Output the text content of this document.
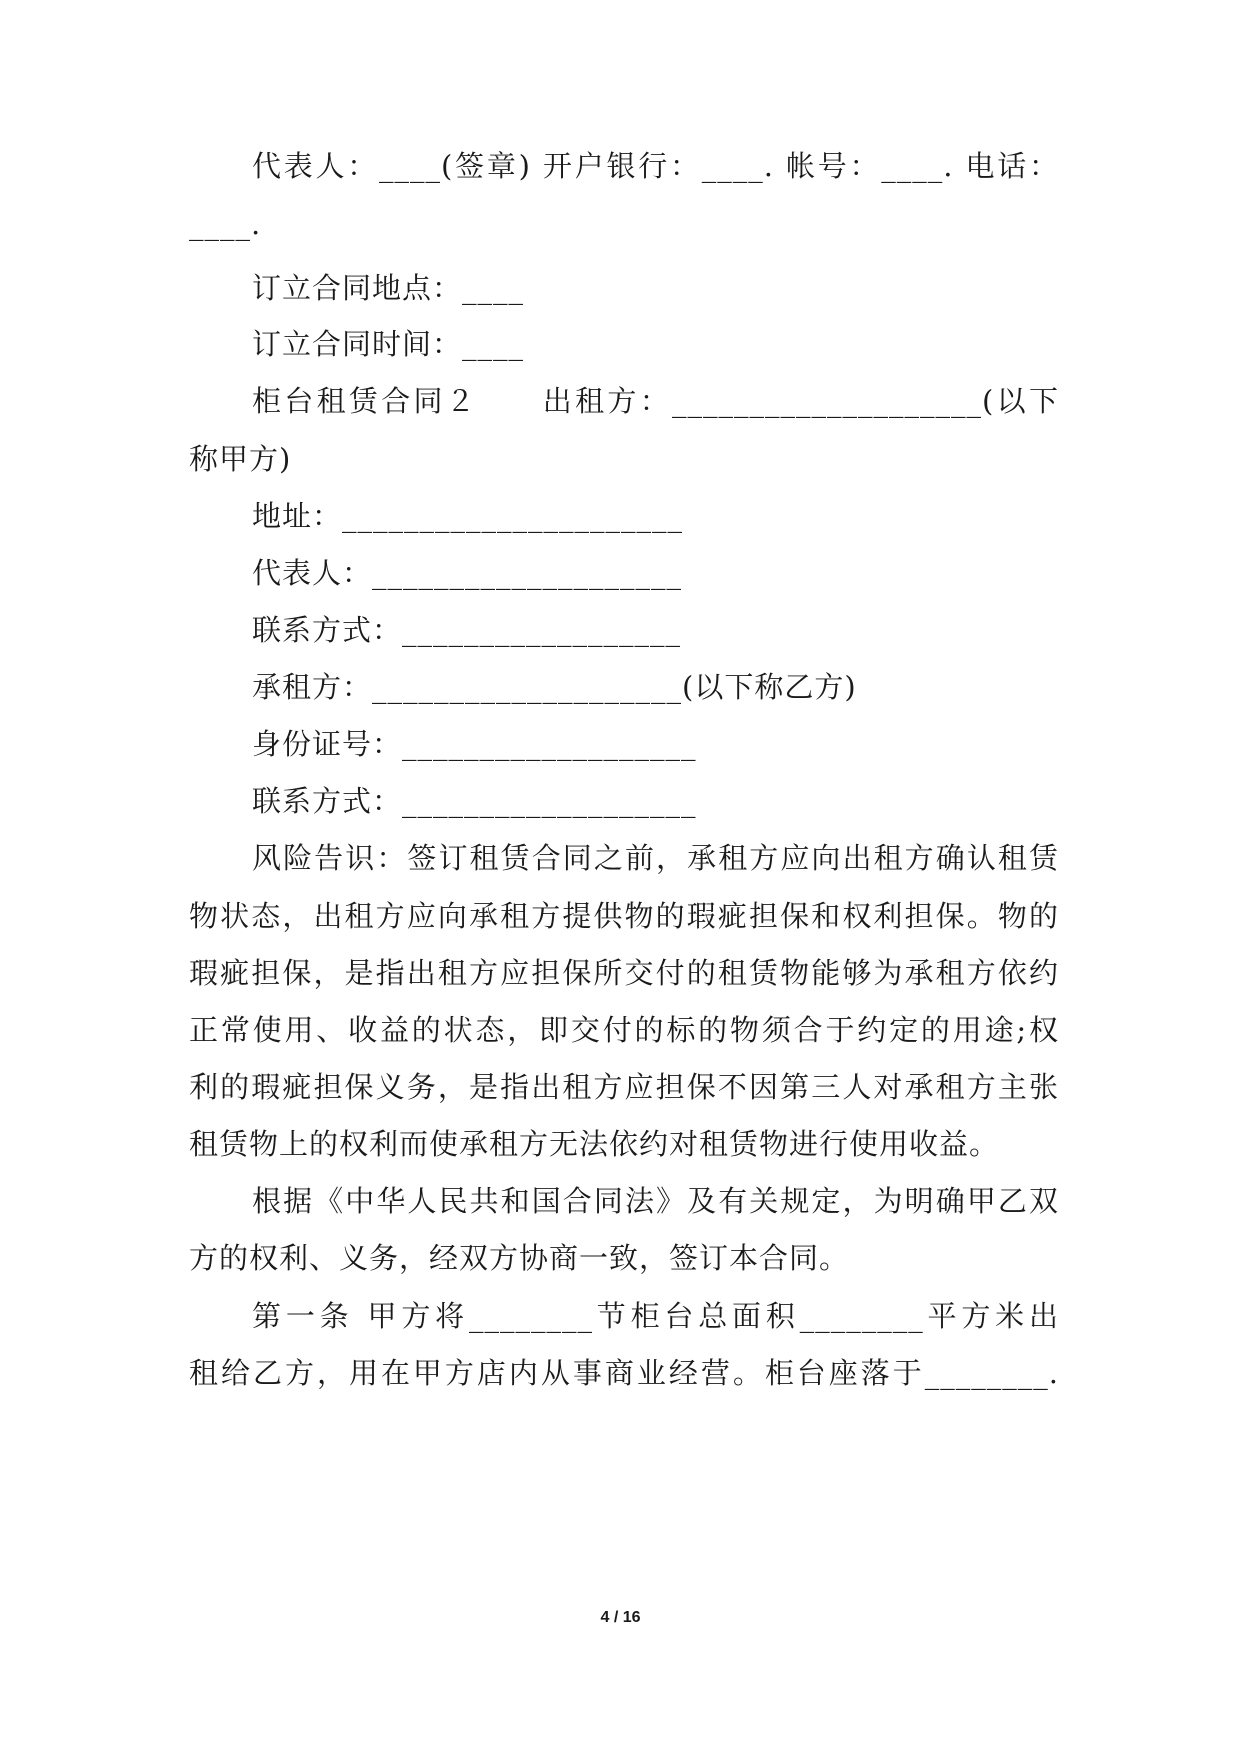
代表人：____(签章) 开户银行：____. 帐号：____. 电话：
____.
订立合同地点：____
订立合同时间：____
柜台租赁合同２　　出租方：____________________(以下
称甲方)
地址：______________________
代表人：____________________
联系方式：__________________
承租方：____________________(以下称乙方)
身份证号：___________________
联系方式：___________________
风险告识：签订租赁合同之前，承租方应向出租方确认租赁
物状态，出租方应向承租方提供物的瑕疵担保和权利担保。物的
瑕疵担保，是指出租方应担保所交付的租赁物能够为承租方依约
正常使用、收益的状态，即交付的标的物须合于约定的用途;权
利的瑕疵担保义务，是指出租方应担保不因第三人对承租方主张
租赁物上的权利而使承租方无法依约对租赁物进行使用收益。
根据《中华人民共和国合同法》及有关规定，为明确甲乙双
方的权利、义务，经双方协商一致，签订本合同。
第一条 甲方将________节柜台总面积________平方米出
租给乙方，用在甲方店内从事商业经营。柜台座落于________.
4 / 16
